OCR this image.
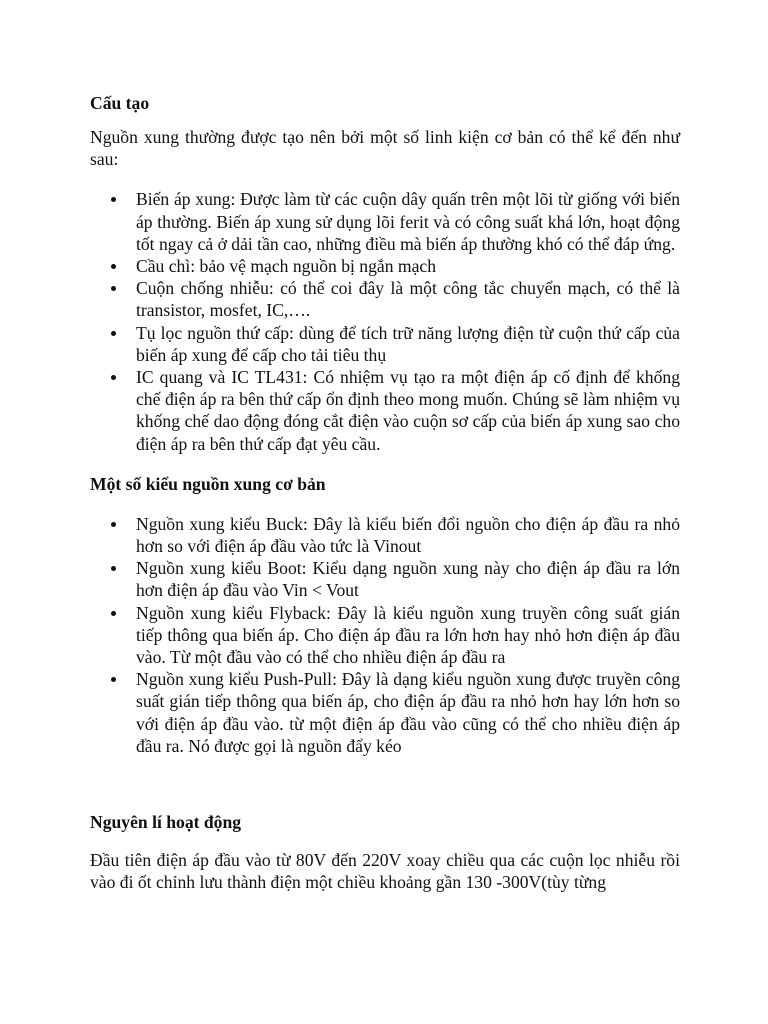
Cấu tạo

Nguồn xung thường được tạo nên bởi một số linh kiện cơ bản có thể kể đến như sau:

Biến áp xung: Được làm từ các cuộn dây quấn trên một lõi từ giống với biến áp thường. Biến áp xung sử dụng lõi ferit và có công suất khá lớn, hoạt động tốt ngay cả ở dải tần cao, những điều mà biến áp thường khó có thể đáp ứng.
Cầu chì: bảo vệ mạch nguồn bị ngắn mạch
Cuộn chống nhiễu: có thể coi đây là một công tắc chuyển mạch, có thể là transistor, mosfet, IC,….
Tụ lọc nguồn thứ cấp: dùng để tích trữ năng lượng điện từ cuộn thứ cấp của biến áp xung để cấp cho tải tiêu thụ
IC quang và IC TL431: Có nhiệm vụ tạo ra một điện áp cố định để khống chế điện áp ra bên thứ cấp ổn định theo mong muốn. Chúng sẽ làm nhiệm vụ khống chế dao động đóng cắt điện vào cuộn sơ cấp của biến áp xung sao cho điện áp ra bên thứ cấp đạt yêu cầu.
Một số kiểu nguồn xung cơ bản
Nguồn xung kiểu Buck: Đây là kiểu biến đổi nguồn cho điện áp đầu ra nhỏ hơn so với điện áp đầu vào tức là Vinout
Nguồn xung kiểu Boot: Kiểu dạng nguồn xung này cho điện áp đầu ra lớn hơn điện áp đầu vào Vin < Vout
Nguồn xung kiểu Flyback: Đây là kiểu nguồn xung truyền công suất gián tiếp thông qua biến áp. Cho điện áp đầu ra lớn hơn hay nhỏ hơn điện áp đầu vào. Từ một đầu vào có thể cho nhiều điện áp đầu ra
Nguồn xung kiểu Push-Pull: Đây là dạng kiểu nguồn xung được truyền công suất gián tiếp thông qua biến áp, cho điện áp đầu ra nhỏ hơn hay lớn hơn so với điện áp đầu vào. từ một điện áp đầu vào cũng có thể cho nhiều điện áp đầu ra. Nó được gọi là nguồn đẩy kéo
Nguyên lí hoạt động

Đầu tiên điện áp đầu vào từ 80V đến 220V xoay chiều qua các cuộn lọc nhiễu rồi vào đi ốt chỉnh lưu thành điện một chiều khoảng gần 130 -300V(tùy từng
